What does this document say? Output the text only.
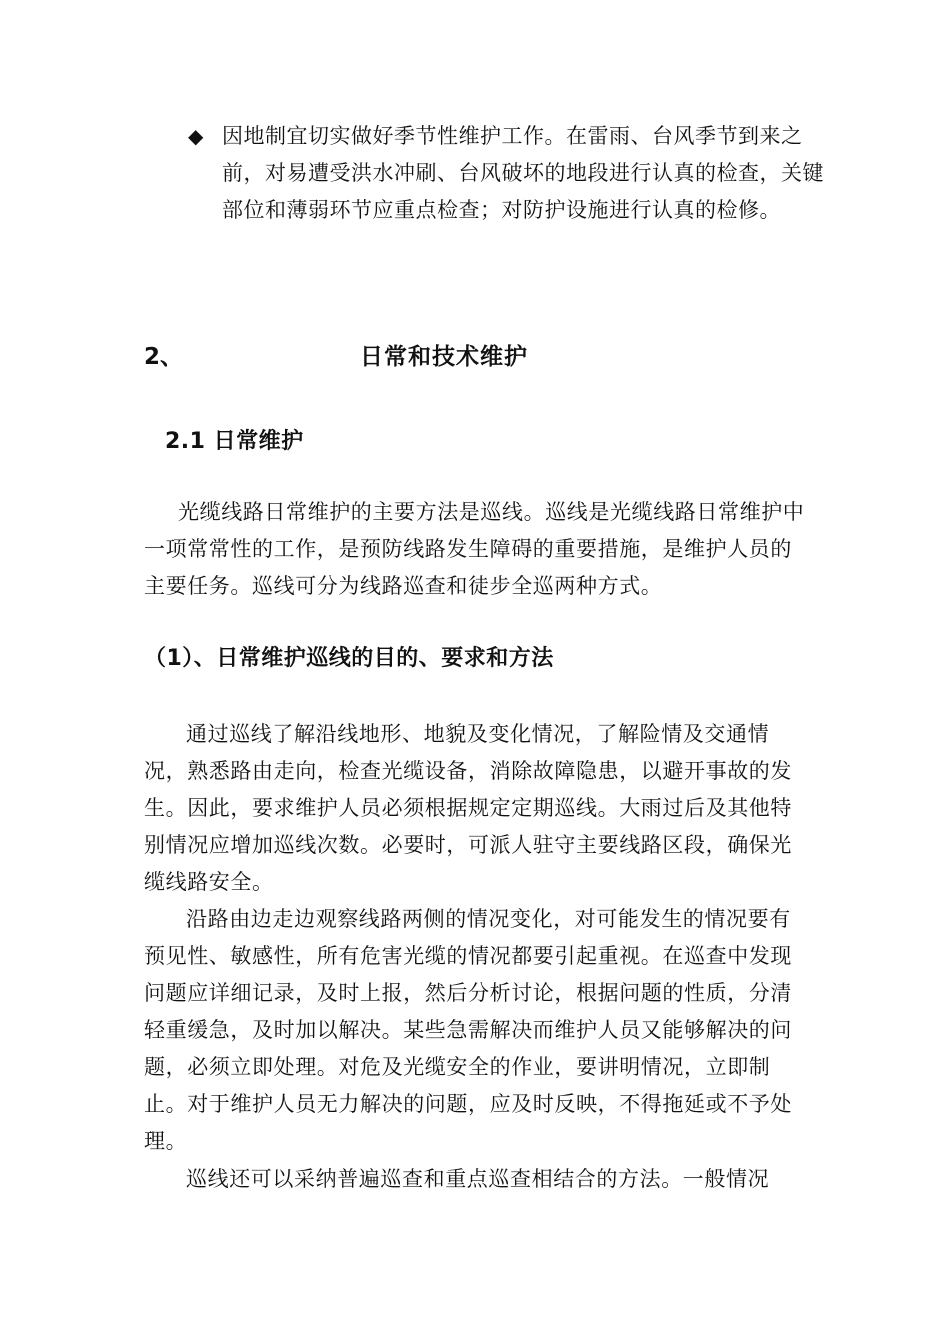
◆ 因地制宜切实做好季节性维护工作。在雷雨、台风季节到来之前，对易遭受洪水冲刷、台风破坏的地段进行认真的检查，关键部位和薄弱环节应重点检查；对防护设施进行认真的检修。
2、	日常和技术维护
2.1 日常维护

光缆线路日常维护的主要方法是巡线。巡线是光缆线路日常维护中一项常常性的工作，是预防线路发生障碍的重要措施，是维护人员的主要任务。巡线可分为线路巡查和徒步全巡两种方式。

（1）、日常维护巡线的目的、要求和方法

通过巡线了解沿线地形、地貌及变化情况，了解险情及交通情况，熟悉路由走向，检查光缆设备，消除故障隐患，以避开事故的发生。因此，要求维护人员必须根据规定定期巡线。大雨过后及其他特别情况应增加巡线次数。必要时，可派人驻守主要线路区段，确保光缆线路安全。

沿路由边走边观察线路两侧的情况变化，对可能发生的情况要有预见性、敏感性，所有危害光缆的情况都要引起重视。在巡查中发现问题应详细记录，及时上报，然后分析讨论，根据问题的性质，分清轻重缓急，及时加以解决。某些急需解决而维护人员又能够解决的问题，必须立即处理。对危及光缆安全的作业，要讲明情况，立即制止。对于维护人员无力解决的问题，应及时反映，不得拖延或不予处理。

巡线还可以采纳普遍巡查和重点巡查相结合的方法。一般情况
